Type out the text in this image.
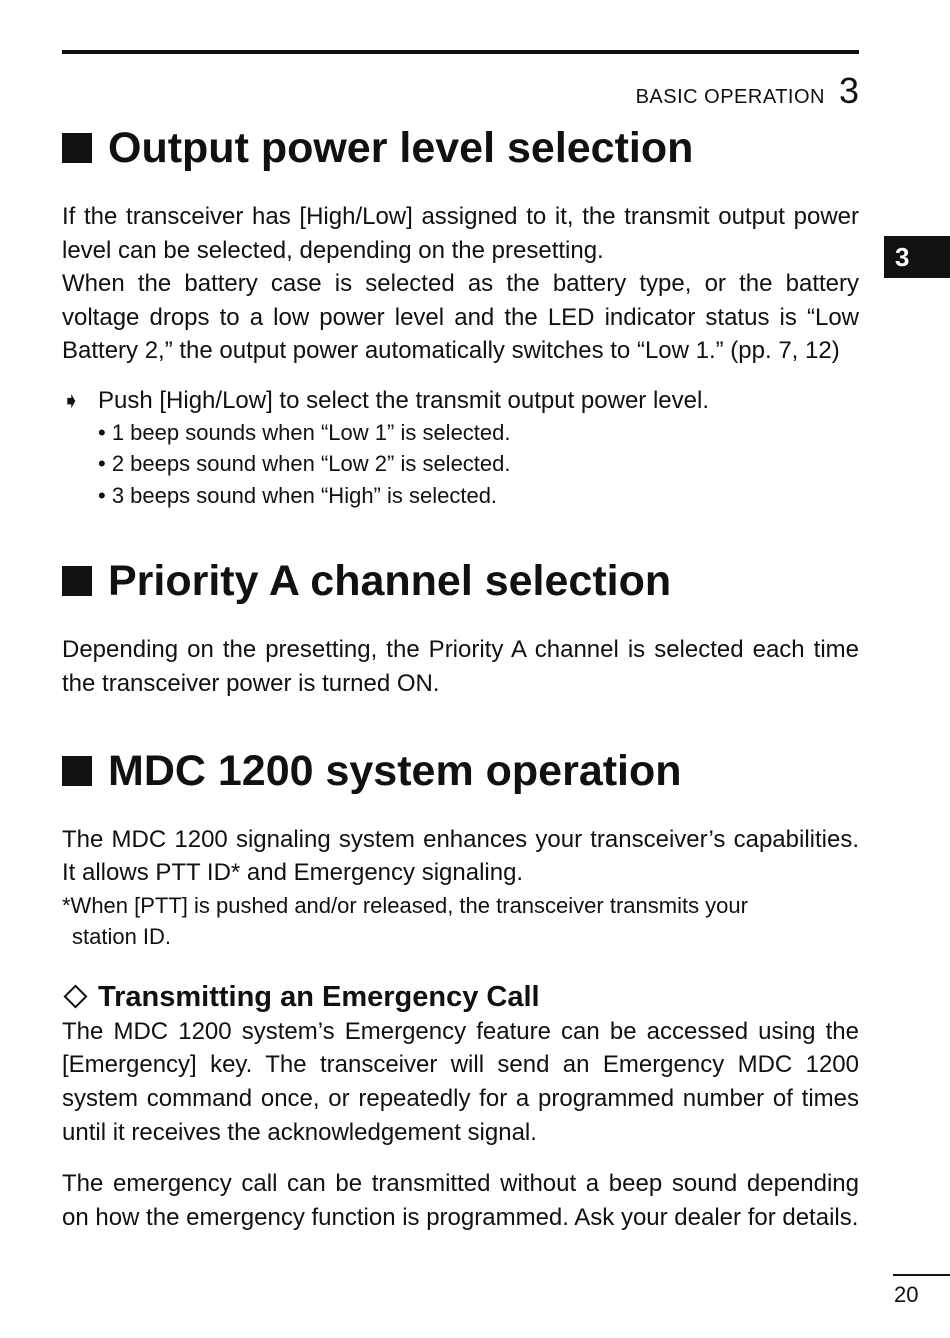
BASIC OPERATION 3
3
Output power level selection

If the transceiver has [High/Low] assigned to it, the transmit output power level can be selected, depending on the presetting.

When the battery case is selected as the battery type, or the battery voltage drops to a low power level and the LED indicator status is “Low Battery 2,” the output power automatically switches to “Low 1.” (pp. 7, 12)

➧ Push [High/Low] to select the transmit output power level.
• 1 beep sounds when “Low 1” is selected.
• 2 beeps sound when “Low 2” is selected.
• 3 beeps sound when “High” is selected.
Priority A channel selection

Depending on the presetting, the Priority A channel is selected each time the transceiver power is turned ON.

MDC 1200 system operation

The MDC 1200 signaling system enhances your transceiver’s capabilities. It allows PTT ID* and Emergency signaling.

*When [PTT] is pushed and/or released, the transceiver transmits your
station ID.
Transmitting an Emergency Call

The MDC 1200 system’s Emergency feature can be accessed using the [Emergency] key. The transceiver will send an Emergency MDC 1200 system command once, or repeatedly for a programmed number of times until it receives the acknowledgement signal.

The emergency call can be transmitted without a beep sound depending on how the emergency function is programmed. Ask your dealer for details.

20
